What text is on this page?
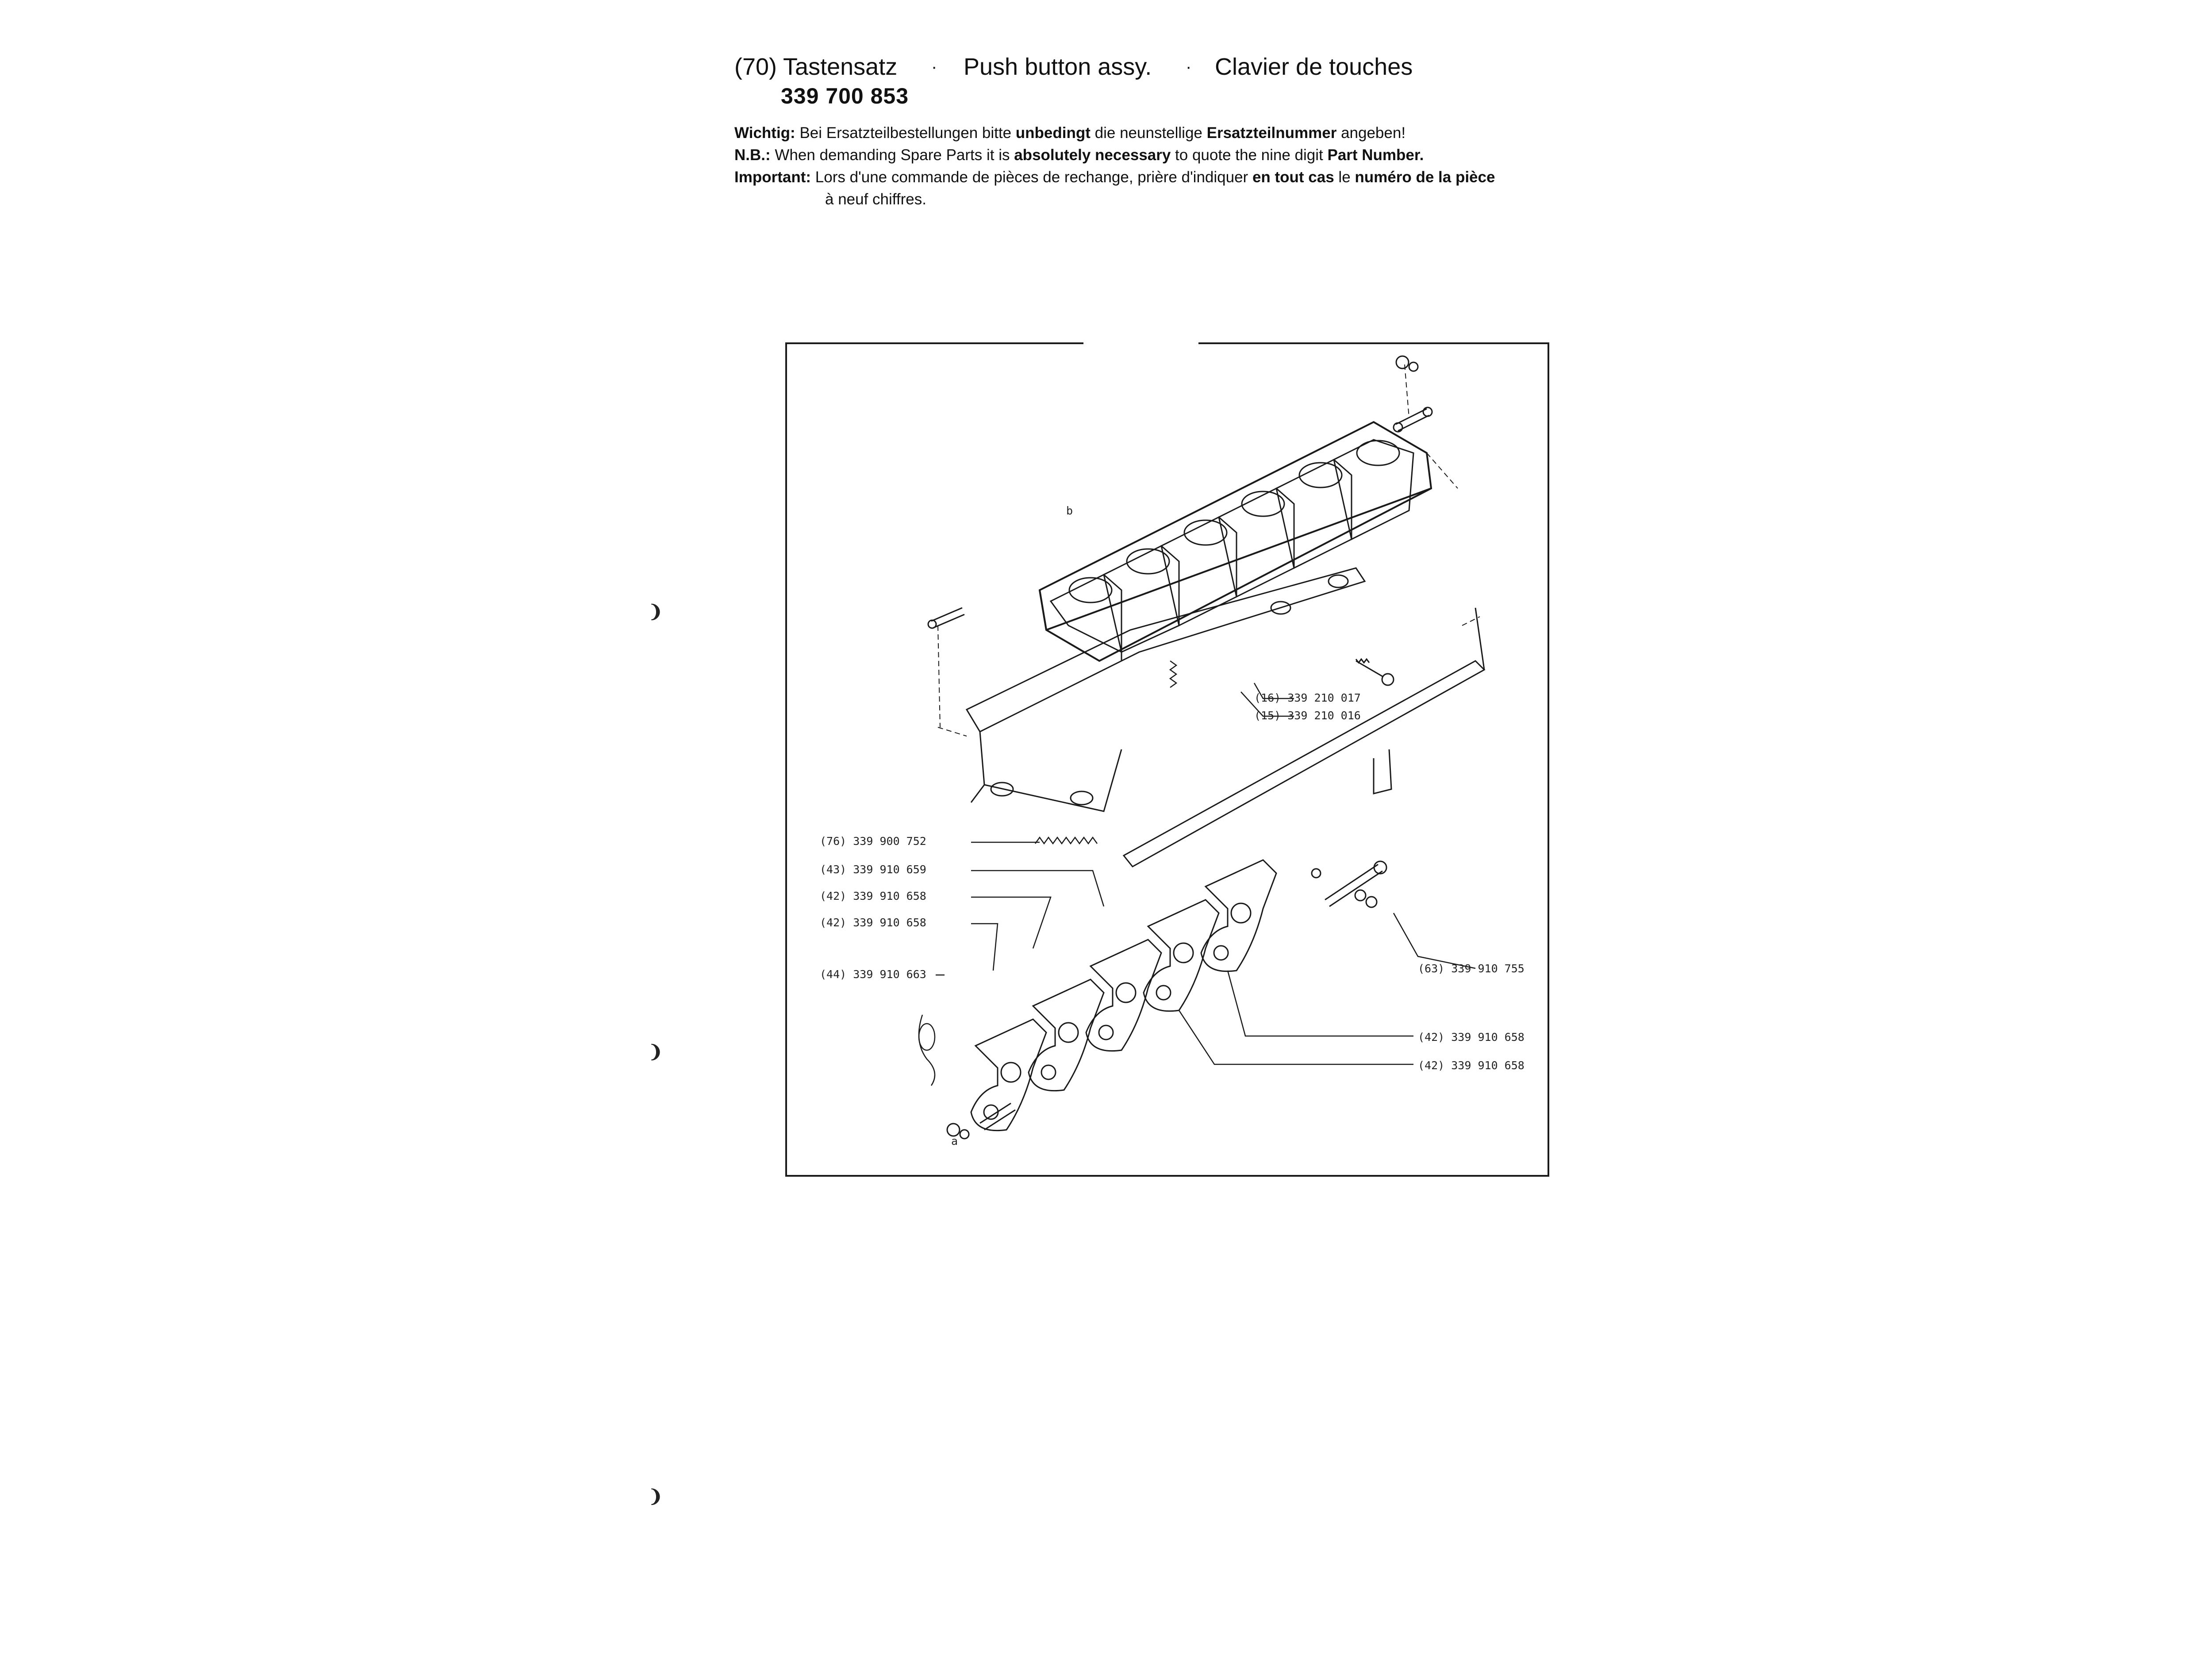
(70) Tastensatz · Push button assy. · Clavier de touches
339 700 853
Wichtig: Bei Ersatzteilbestellungen bitte unbedingt die neunstellige Ersatzteilnummer angeben!
N.B.: When demanding Spare Parts it is absolutely necessary to quote the nine digit Part Number.
Important: Lors d'une commande de pièces de rechange, prière d'indiquer en tout cas le numéro de la pièce
à neuf chiffres.
(16) 339 210 017
(15) 339 210 016
(76) 339 900 752
(43) 339 910 659
(42) 339 910 658
(42) 339 910 658
(44) 339 910 663	(63) 339 910 755
(42) 339 910 658
(42) 339 910 658
a
b
❩
❩
❩
